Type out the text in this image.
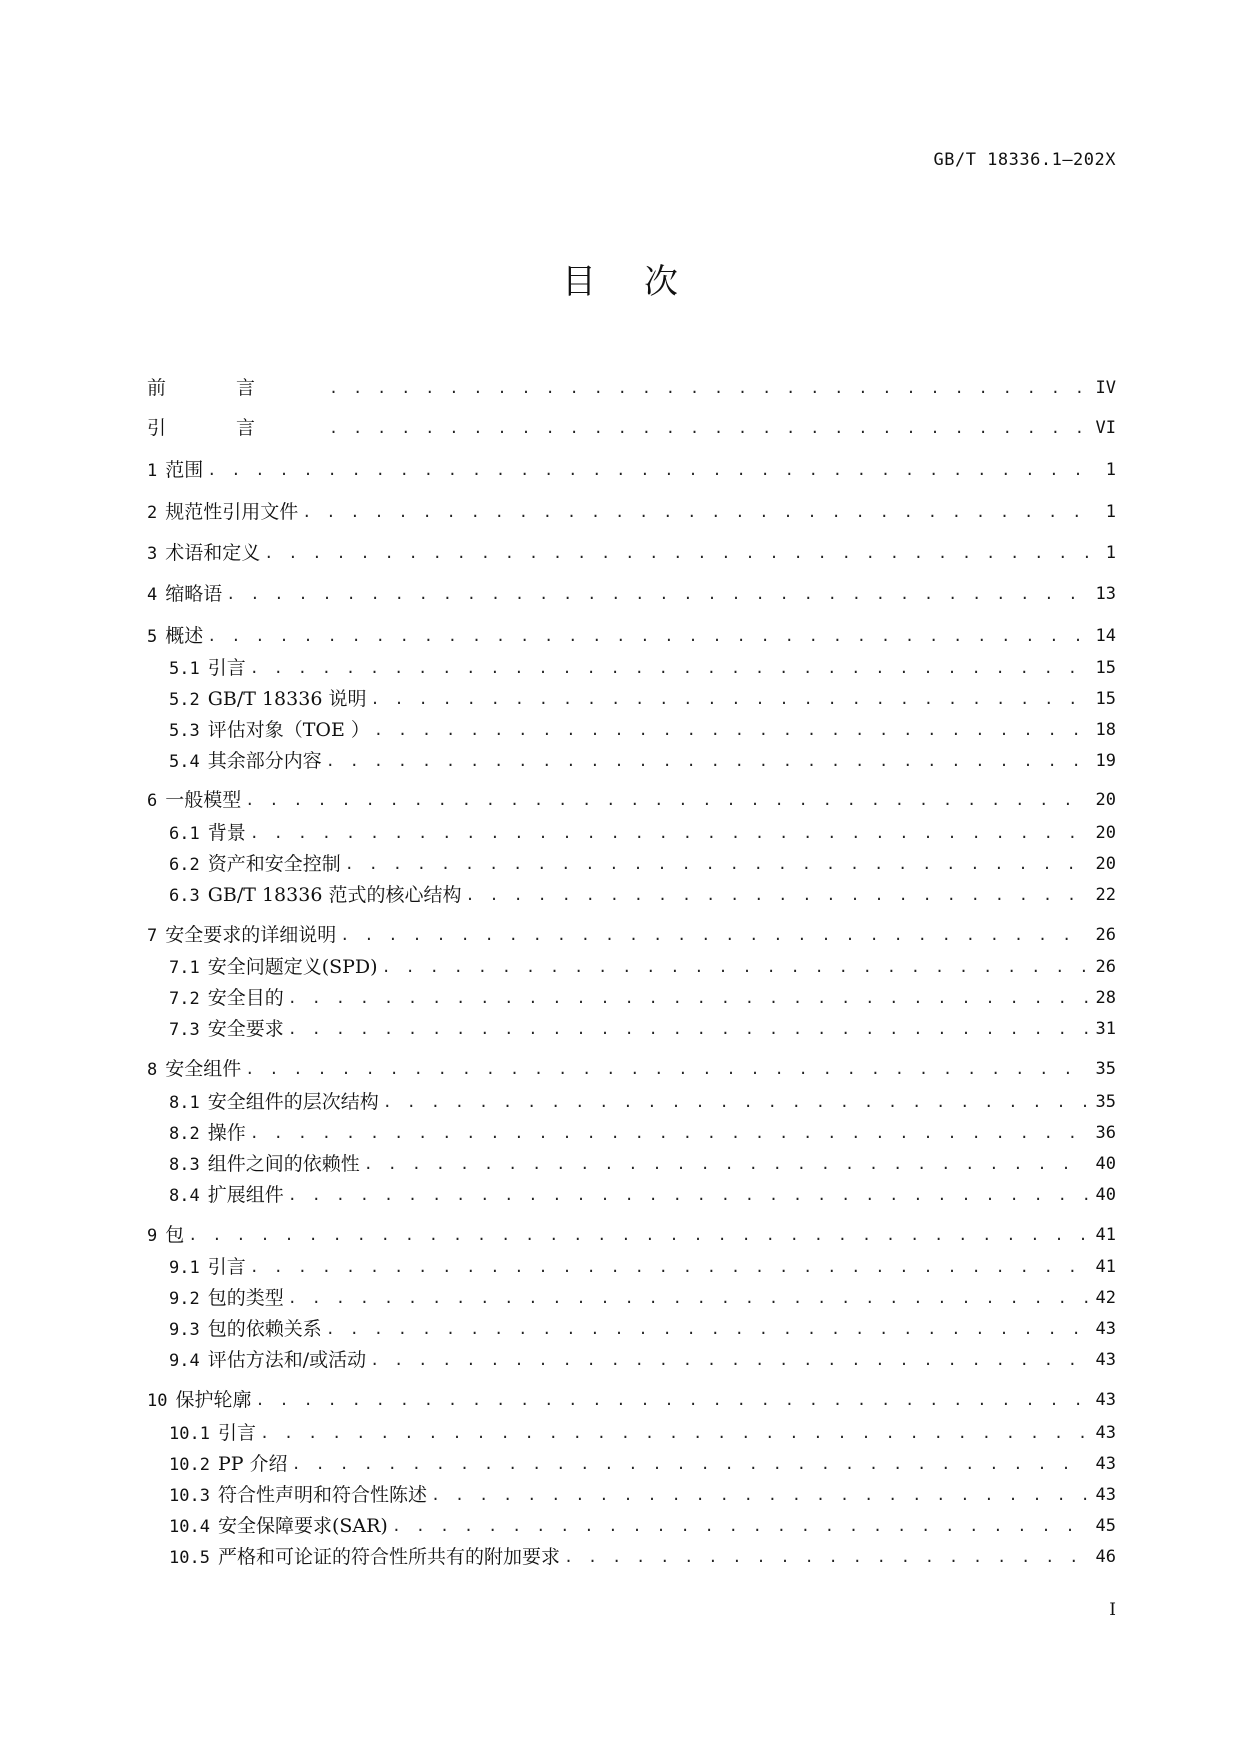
GB/T 18336.1—202X
目次
前言 . . .	IV
引言 . . .	VI
1 范围 . . .	1
2 规范性引用文件 . . .	1
3 术语和定义 . . .	1
4 缩略语 . . .	13
5 概述 . . .	14
5.1 引言 . . .	15
5.2 GB/T 18336 说明 . . .	15
5.3 评估对象（TOE ） . . .	18
5.4 其余部分内容 . . .	19
6 一般模型 . . .	20
6.1 背景 . . .	20
6.2 资产和安全控制 . . .	20
6.3 GB/T 18336 范式的核心结构 . . .	22
7 安全要求的详细说明 . . .	26
7.1 安全问题定义(SPD) . . .	26
7.2 安全目的 . . .	28
7.3 安全要求 . . .	31
8 安全组件 . . .	35
8.1 安全组件的层次结构 . . .	35
8.2 操作 . . .	36
8.3 组件之间的依赖性 . . .	40
8.4 扩展组件 . . .	40
9 包 . . .	41
9.1 引言 . . .	41
9.2 包的类型 . . .	42
9.3 包的依赖关系 . . .	43
9.4 评估方法和/或活动 . . .	43
10 保护轮廓 . . .	43
10.1 引言 . . .	43
10.2 PP 介绍 . . .	43
10.3 符合性声明和符合性陈述 . . .	43
10.4 安全保障要求(SAR) . . .	45
10.5 严格和可论证的符合性所共有的附加要求 . . .	46
I
